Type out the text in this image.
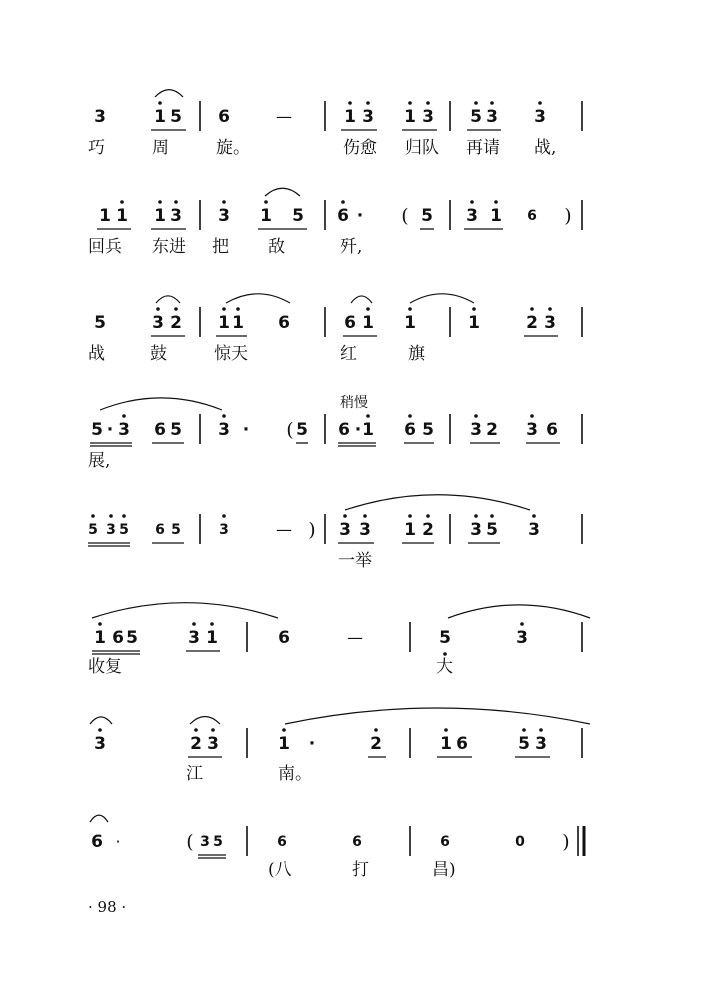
3	1 5 6	—	1 3 1 3 5 3 3
巧	周	旋。	伤愈 归队 再请 战,
1 1 1 3 3 1 5 6 · ( 5 3 1 6 )
回兵 东进 把 敌	歼,
5	3 2 1 1 6	6 1 1	1	2 3
战	鼓	惊天	红	旗
稍慢
5 · 3 6 5 3 · ( 5 6 · 1 6 5 3 2 3 6
展,
5 3 5 6 5	3	— ) 3 3 1 2 3 5 3
一举
1 6 5	3 1	6	—	5	3
收复	大
3	2 3	1 ·	2	1 6	5 3
江	南。
6 ·	( 3 5	6	6	6	0 )
(八	打	昌)
· 98 ·
